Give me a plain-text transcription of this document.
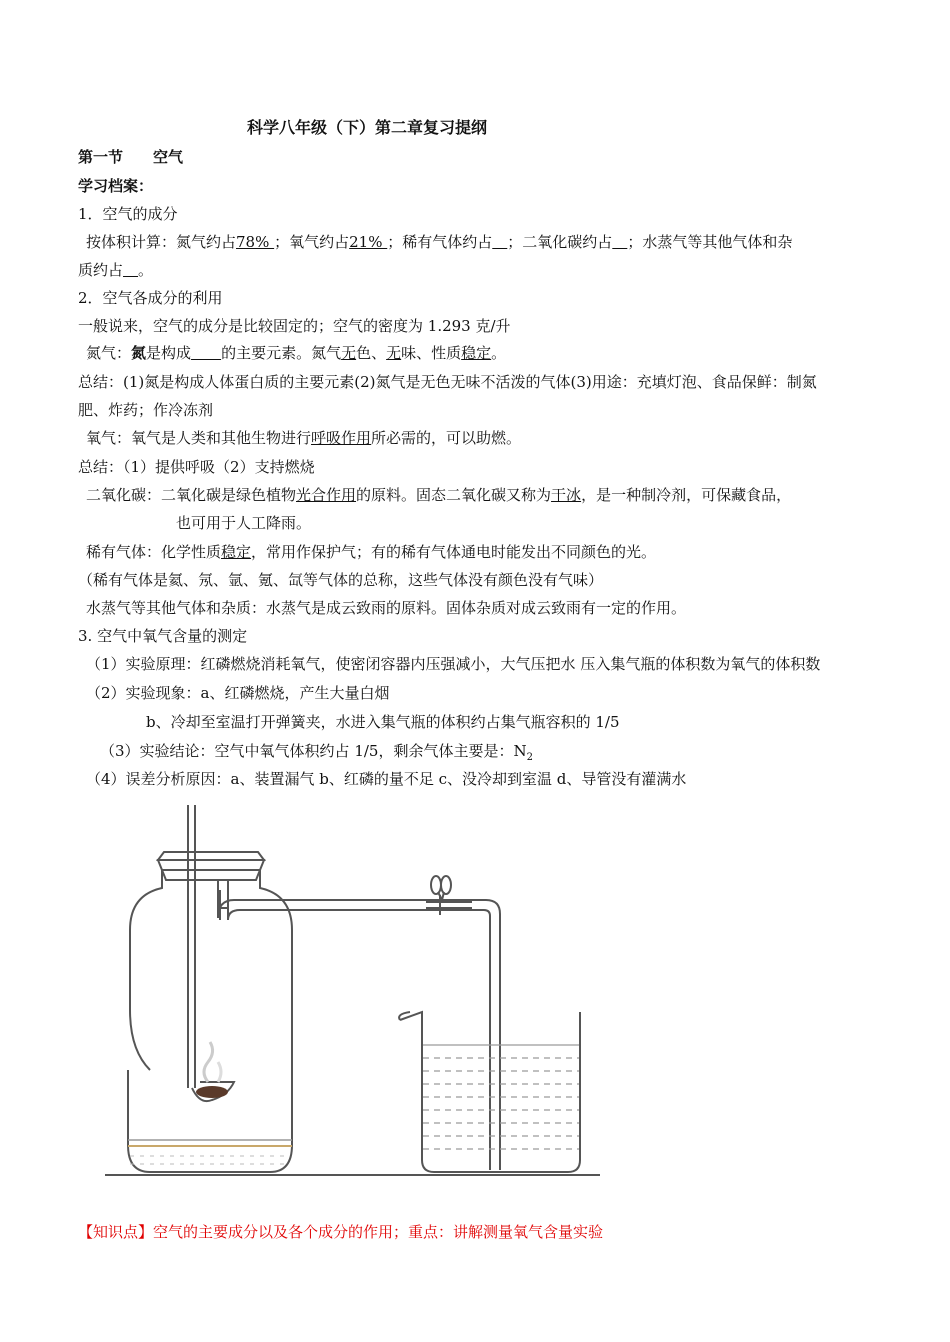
科学八年级（下）第二章复习提纲
第一节　　空气
学习档案：
1．空气的成分
按体积计算：氮气约占78% ；氧气约占21% ；稀有气体约占　 ；二氧化碳约占　 ；水蒸气等其他气体和杂
质约占　 。
2．空气各成分的利用
一般说来，空气的成分是比较固定的；空气的密度为 1.293 克/升
氮气：氮是构成　　 的主要元素。氮气无色、无味、性质稳定。
总结：(1)氮是构成人体蛋白质的主要元素(2)氮气是无色无味不活泼的气体(3)用途：充填灯泡、食品保鲜：制氮
肥、炸药；作冷冻剂
氧气：氧气是人类和其他生物进行呼吸作用所必需的，可以助燃。
总结：（1）提供呼吸（2）支持燃烧
二氧化碳：二氧化碳是绿色植物光合作用的原料。固态二氧化碳又称为干冰，是一种制冷剂，可保藏食品，
也可用于人工降雨。
稀有气体：化学性质稳定，常用作保护气；有的稀有气体通电时能发出不同颜色的光。
（稀有气体是氦、氖、氩、氪、氙等气体的总称，这些气体没有颜色没有气味）
水蒸气等其他气体和杂质：水蒸气是成云致雨的原料。固体杂质对成云致雨有一定的作用。
3. 空气中氧气含量的测定
（1）实验原理：红磷燃烧消耗氧气，使密闭容器内压强减小，大气压把水 压入集气瓶的体积数为氧气的体积数
（2）实验现象：a、红磷燃烧，产生大量白烟
b、冷却至室温打开弹簧夹，水进入集气瓶的体积约占集气瓶容积的 1/5
（3）实验结论：空气中氧气体积约占 1/5，剩余气体主要是：$N_2$
（4）误差分析原因：a、装置漏气 b、红磷的量不足 c、没冷却到室温 d、导管没有灌满水
【知识点】空气的主要成分以及各个成分的作用；重点：讲解测量氧气含量实验
